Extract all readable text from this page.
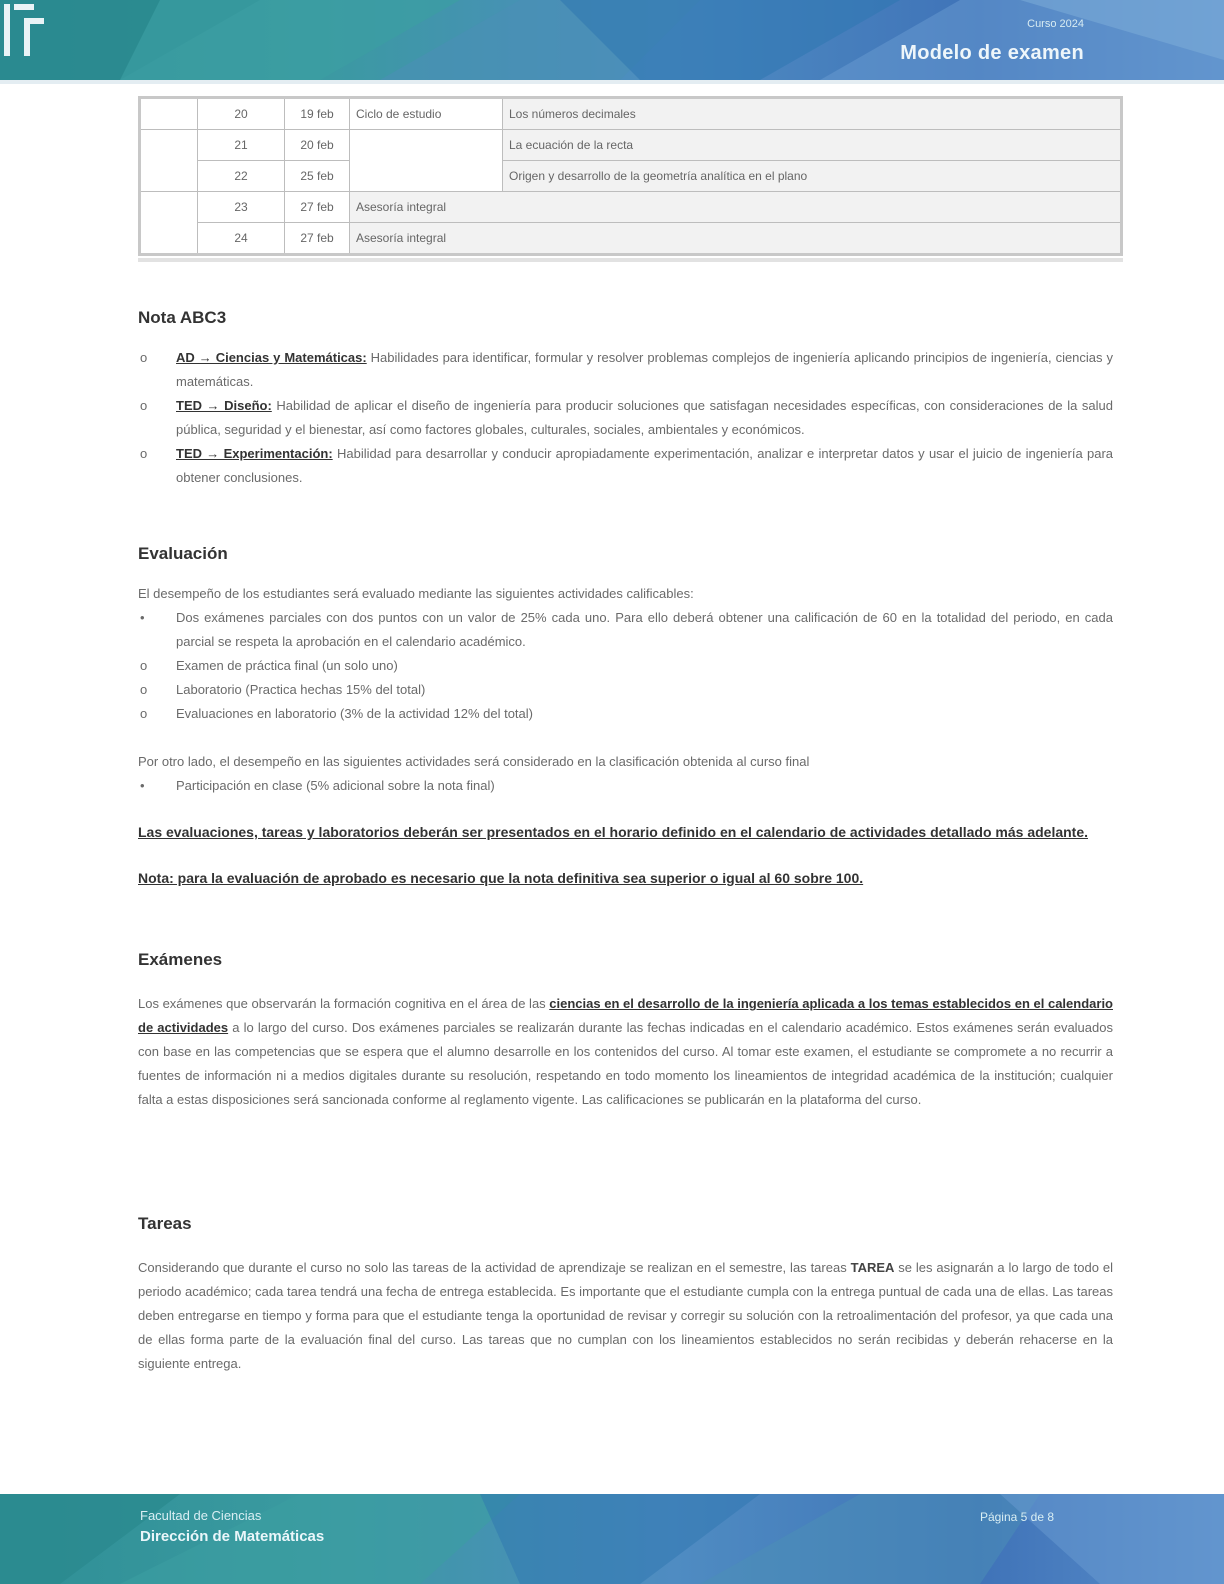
Curso 2024
Modelo de examen
	20	19 feb	Ciclo de estudio	Los números decimales
	21	20 feb		La ecuación de la recta
	22	25 feb		Origen y desarrollo de la geometría analítica en el plano
	23	27 feb	Asesoría integral	
	24	27 feb	Asesoría integral	
Nota ABC3
o AD → Ciencias y Matemáticas: Habilidades para identificar, formular y resolver problemas complejos de ingeniería aplicando principios de ingeniería, ciencias y matemáticas.
o TED → Diseño: Habilidad de aplicar el diseño de ingeniería para producir soluciones que satisfagan necesidades específicas, con consideraciones de la salud pública, seguridad y el bienestar, así como factores globales, culturales, sociales, ambientales y económicos.
o TED → Experimentación: Habilidad para desarrollar y conducir apropiadamente experimentación, analizar e interpretar datos y usar el juicio de ingeniería para obtener conclusiones.
Evaluación

El desempeño de los estudiantes será evaluado mediante las siguientes actividades calificables:

• Dos exámenes parciales con dos puntos con un valor de 25% cada uno. Para ello deberá obtener una calificación de 60 en la totalidad del periodo, en cada parcial se respeta la aprobación en el calendario académico.
o Examen de práctica final (un solo uno)
o Laboratorio (Practica hechas 15% del total)
o Evaluaciones en laboratorio (3% de la actividad 12% del total)

Por otro lado, el desempeño en las siguientes actividades será considerado en la clasificación obtenida al curso final

• Participación en clase (5% adicional sobre la nota final)

Las evaluaciones, tareas y laboratorios deberán ser presentados en el horario definido en el calendario de actividades detallado más adelante.

Nota: para la evaluación de aprobado es necesario que la nota definitiva sea superior o igual al 60 sobre 100.

Exámenes

Los exámenes que observarán la formación cognitiva en el área de las ciencias en el desarrollo de la ingeniería aplicada a los temas establecidos en el calendario de actividades a lo largo del curso. Dos exámenes parciales se realizarán durante las fechas indicadas en el calendario académico. Estos exámenes serán evaluados con base en las competencias que se espera que el alumno desarrolle en los contenidos del curso. Al tomar este examen, el estudiante se compromete a no recurrir a fuentes de información ni a medios digitales durante su resolución, respetando en todo momento los lineamientos de integridad académica de la institución; cualquier falta a estas disposiciones será sancionada conforme al reglamento vigente. Las calificaciones se publicarán en la plataforma del curso.

Tareas

Considerando que durante el curso no solo las tareas de la actividad de aprendizaje se realizan en el semestre, las tareas TAREA se les asignarán a lo largo de todo el periodo académico; cada tarea tendrá una fecha de entrega establecida. Es importante que el estudiante cumpla con la entrega puntual de cada una de ellas. Las tareas deben entregarse en tiempo y forma para que el estudiante tenga la oportunidad de revisar y corregir su solución con la retroalimentación del profesor, ya que cada una de ellas forma parte de la evaluación final del curso. Las tareas que no cumplan con los lineamientos establecidos no serán recibidas y deberán rehacerse en la siguiente entrega.

Facultad de Ciencias
Dirección de Matemáticas
Página 5 de 8
